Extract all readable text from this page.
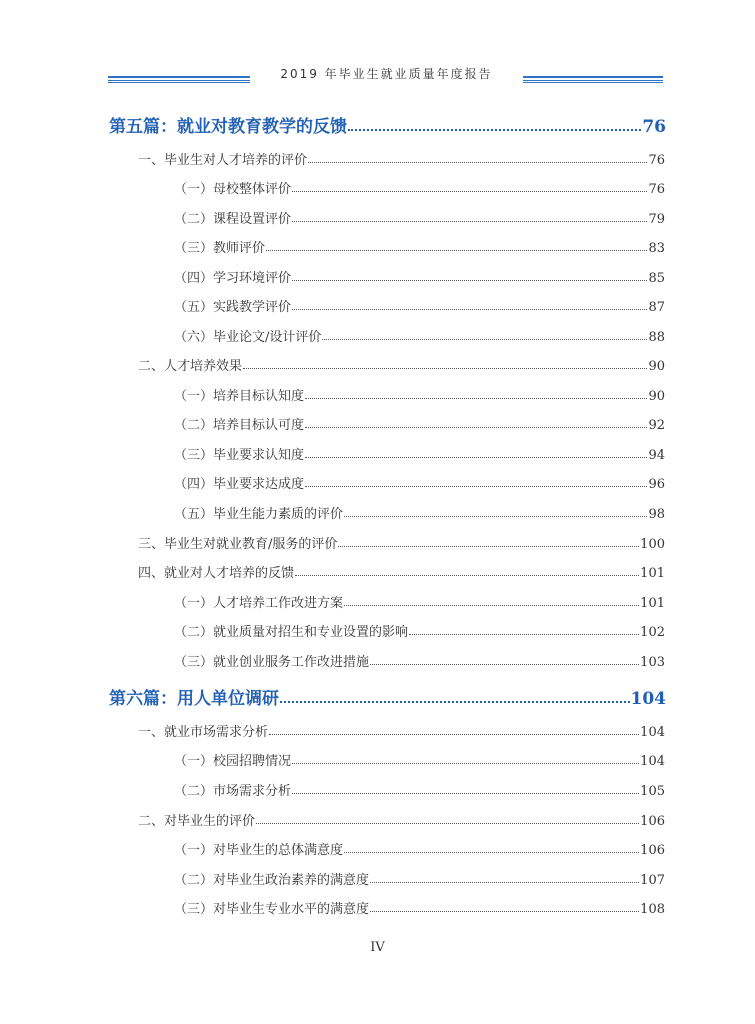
2019 年毕业生就业质量年度报告
第五篇：就业对教育教学的反馈	76
一、毕业生对人才培养的评价	76
（一）母校整体评价	76
（二）课程设置评价	79
（三）教师评价	83
（四）学习环境评价	85
（五）实践教学评价	87
（六）毕业论文/设计评价	88
二、人才培养效果	90
（一）培养目标认知度	90
（二）培养目标认可度	92
（三）毕业要求认知度	94
（四）毕业要求达成度	96
（五）毕业生能力素质的评价	98
三、毕业生对就业教育/服务的评价	100
四、就业对人才培养的反馈	101
（一）人才培养工作改进方案	101
（二）就业质量对招生和专业设置的影响	102
（三）就业创业服务工作改进措施	103
第六篇：用人单位调研	104
一、就业市场需求分析	104
（一）校园招聘情况	104
（二）市场需求分析	105
二、对毕业生的评价	106
（一）对毕业生的总体满意度	106
（二）对毕业生政治素养的满意度	107
（三）对毕业生专业水平的满意度	108
IV
